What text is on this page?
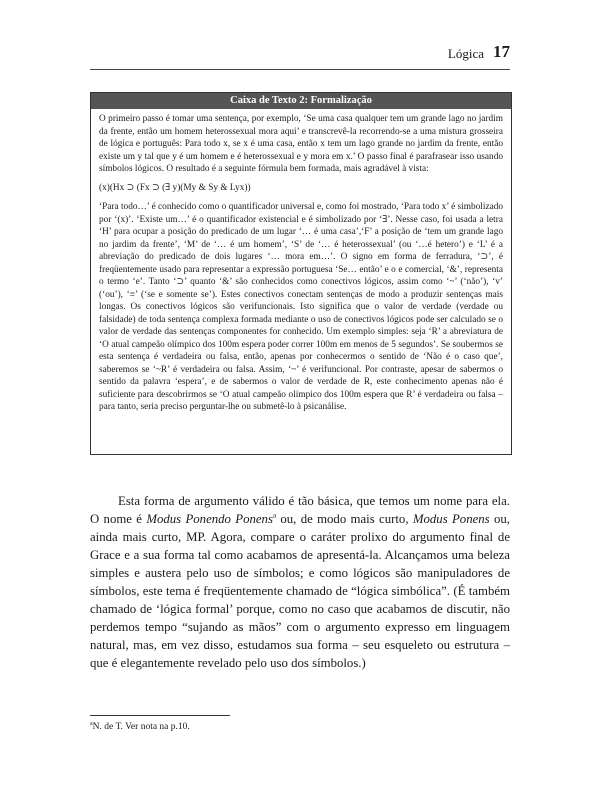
Lógica 17
Caixa de Texto 2: Formalização

O primeiro passo é tomar uma sentença, por exemplo, ‘Se uma casa qualquer tem um grande lago no jardim da frente, então um homem heterossexual mora aqui’ e transcrevê-la recorrendo-se a uma mistura grosseira de lógica e português: Para todo x, se x é uma casa, então x tem um lago grande no jardim da frente, então existe um y tal que y é um homem e é heterossexual e y mora em x.’ O passo final é parafrasear isso usando símbolos lógicos. O resultado é a seguinte fórmula bem formada, mais agradável à vista:

(x)(Hx ⊃ (Fx ⊃ (∃ y)(My & Sy & Lyx))

‘Para todo…’ é conhecido como o quantificador universal e, como foi mostrado, ‘Para todo x’ é simbolizado por ‘(x)’. ‘Existe um…’ é o quantificador existencial e é simbolizado por ‘∃’. Nesse caso, foi usada a letra ‘H’ para ocupar a posição do predicado de um lugar ‘… é uma casa’,‘F’ a posição de ‘tem um grande lago no jardim da frente’, ‘M’ de ‘… é um homem’, ‘S’ de ‘… é heterossexual’ (ou ‘…é hetero’) e ‘L’ é a abreviação do predicado de dois lugares ‘… mora em…’. O signo em forma de ferradura, ‘⊃’, é freqüentemente usado para representar a expressão portuguesa ‘Se… então’ e o e comercial, ‘&’, representa o termo ‘e’. Tanto ‘⊃’ quanto ‘&’ são conhecidos como conectivos lógicos, assim como ‘~’ (‘não’), ‘v’ (‘ou’), ‘≡’ (‘se e somente se’). Estes conectivos conectam sentenças de modo a produzir sentenças mais longas. Os conectivos lógicos são verifuncionais. Isto significa que o valor de verdade (verdade ou falsidade) de toda sentença complexa formada mediante o uso de conectivos lógicos pode ser calculado se o valor de verdade das sentenças componentes for conhecido. Um exemplo simples: seja ‘R’ a abreviatura de ‘O atual campeão olímpico dos 100m espera poder correr 100m em menos de 5 segundos’. Se soubermos se esta sentença é verdadeira ou falsa, então, apenas por conhecermos o sentido de ‘Não é o caso que’, saberemos se ‘~R’ é verdadeira ou falsa. Assim, ‘~’ é verifuncional. Por contraste, apesar de sabermos o sentido da palavra ‘espera’, e de sabermos o valor de verdade de R, este conhecimento apenas não é suficiente para descobrirmos se ‘O atual campeão olímpico dos 100m espera que R’ é verdadeira ou falsa – para tanto, seria preciso perguntar-lhe ou submetê-lo à psicanálise.

Esta forma de argumento válido é tão básica, que temos um nome para ela. O nome é Modus Ponendo Ponens$^a$ ou, de modo mais curto, Modus Ponens ou, ainda mais curto, MP. Agora, compare o caráter prolixo do argumento final de Grace e a sua forma tal como acabamos de apresentá-la. Alcançamos uma beleza simples e austera pelo uso de símbolos; e como lógicos são manipuladores de símbolos, este tema é freqüentemente chamado de “lógica simbólica”. (É também chamado de ‘lógica formal’ porque, como no caso que acabamos de discutir, não perdemos tempo “sujando as mãos” com o argumento expresso em linguagem natural, mas, em vez disso, estudamos sua forma – seu esqueleto ou estrutura – que é elegantemente revelado pelo uso dos símbolos.)

$^a$N. de T. Ver nota na p.10.
